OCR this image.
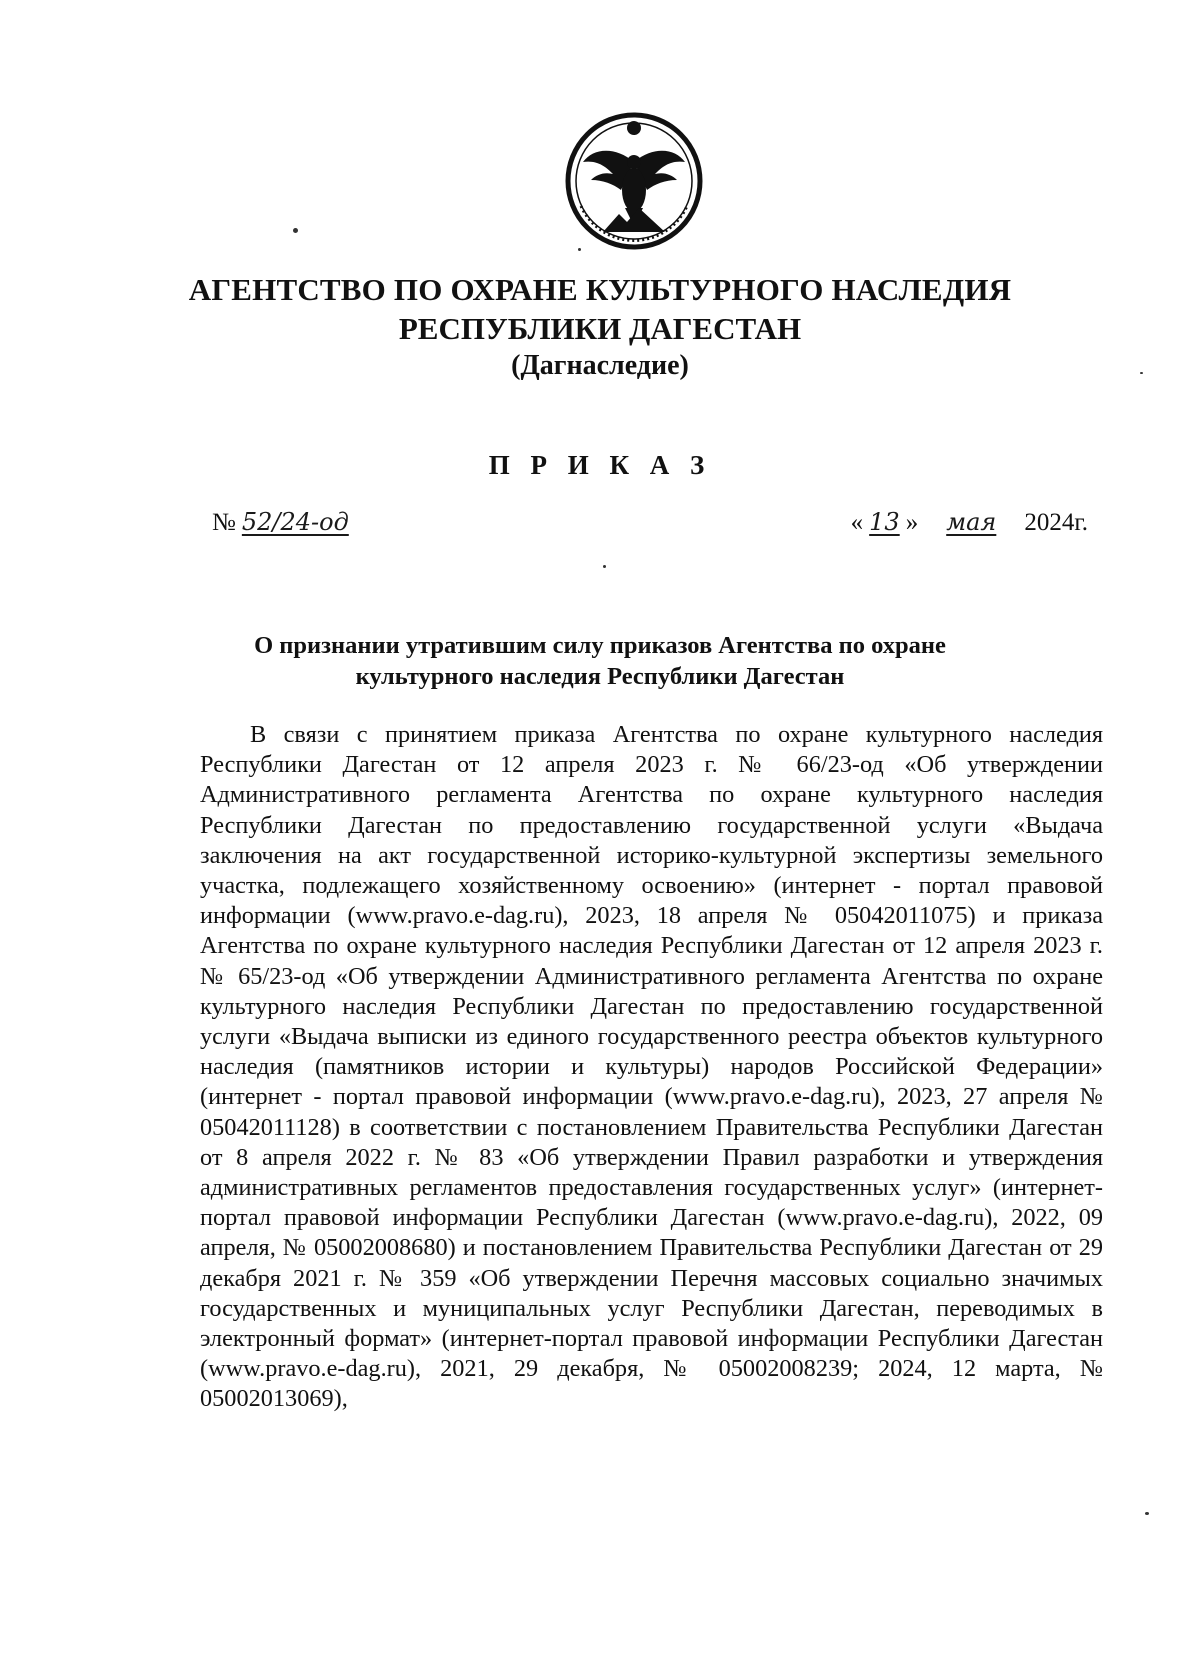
АГЕНТСТВО ПО ОХРАНЕ КУЛЬТУРНОГО НАСЛЕДИЯ
РЕСПУБЛИКИ ДАГЕСТАН
(Дагнаследие)
П Р И К А З
№ 52/24-од	« 13 » мая 2024г.
О признании утратившим силу приказов Агентства по охране
культурного наследия Республики Дагестан

В связи с принятием приказа Агентства по охране культурного наследия Республики Дагестан от 12 апреля 2023 г. № 66/23-од «Об утверждении Административного регламента Агентства по охране культурного наследия Республики Дагестан по предоставлению государственной услуги «Выдача заключения на акт государственной историко-культурной экспертизы земельного участка, подлежащего хозяйственному освоению» (интернет - портал правовой информации (www.pravo.e-dag.ru), 2023, 18 апреля № 05042011075) и приказа Агентства по охране культурного наследия Республики Дагестан от 12 апреля 2023 г. № 65/23-од «Об утверждении Административного регламента Агентства по охране культурного наследия Республики Дагестан по предоставлению государственной услуги «Выдача выписки из единого государственного реестра объектов культурного наследия (памятников истории и культуры) народов Российской Федерации» (интернет - портал правовой информации (www.pravo.e-dag.ru), 2023, 27 апреля № 05042011128) в соответствии с постановлением Правительства Республики Дагестан от 8 апреля 2022 г. № 83 «Об утверждении Правил разработки и утверждения административных регламентов предоставления государственных услуг» (интернет-портал правовой информации Республики Дагестан (www.pravo.e-dag.ru), 2022, 09 апреля, № 05002008680) и постановлением Правительства Республики Дагестан от 29 декабря 2021 г. № 359 «Об утверждении Перечня массовых социально значимых государственных и муниципальных услуг Республики Дагестан, переводимых в электронный формат» (интернет-портал правовой информации Республики Дагестан (www.pravo.e-dag.ru), 2021, 29 декабря, № 05002008239; 2024, 12 марта, № 05002013069),
